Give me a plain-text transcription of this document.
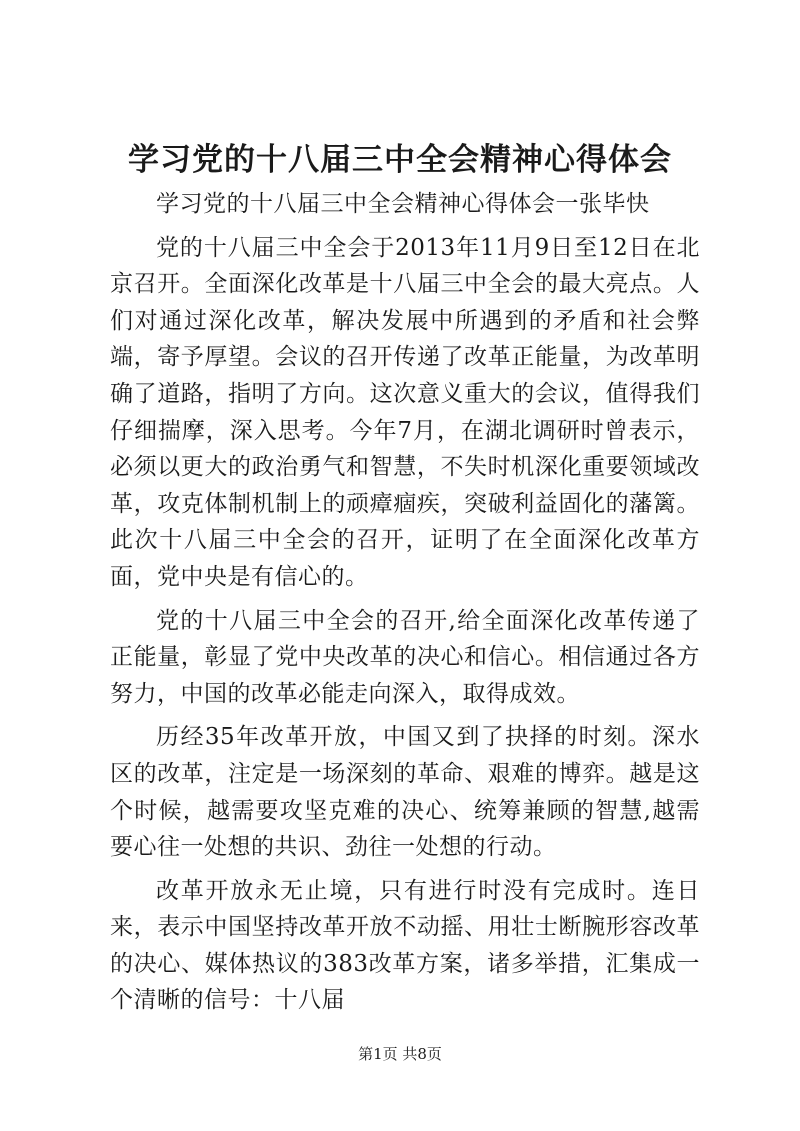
学习党的十八届三中全会精神心得体会

学习党的十八届三中全会精神心得体会一张毕快

党的十八届三中全会于2013年11月9日至12日在北京召开。全面深化改革是十八届三中全会的最大亮点。人们对通过深化改革，解决发展中所遇到的矛盾和社会弊端，寄予厚望。会议的召开传递了改革正能量，为改革明确了道路，指明了方向。这次意义重大的会议，值得我们仔细揣摩，深入思考。今年7月，在湖北调研时曾表示，必须以更大的政治勇气和智慧，不失时机深化重要领域改革，攻克体制机制上的顽瘴痼疾，突破利益固化的藩篱。此次十八届三中全会的召开，证明了在全面深化改革方面，党中央是有信心的。

党的十八届三中全会的召开,给全面深化改革传递了正能量，彰显了党中央改革的决心和信心。相信通过各方努力，中国的改革必能走向深入，取得成效。

历经35年改革开放，中国又到了抉择的时刻。深水区的改革，注定是一场深刻的革命、艰难的博弈。越是这个时候，越需要攻坚克难的决心、统筹兼顾的智慧,越需要心往一处想的共识、劲往一处想的行动。

改革开放永无止境，只有进行时没有完成时。连日来，表示中国坚持改革开放不动摇、用壮士断腕形容改革的决心、媒体热议的383改革方案，诸多举措，汇集成一个清晰的信号：十八届

第1页 共8页
